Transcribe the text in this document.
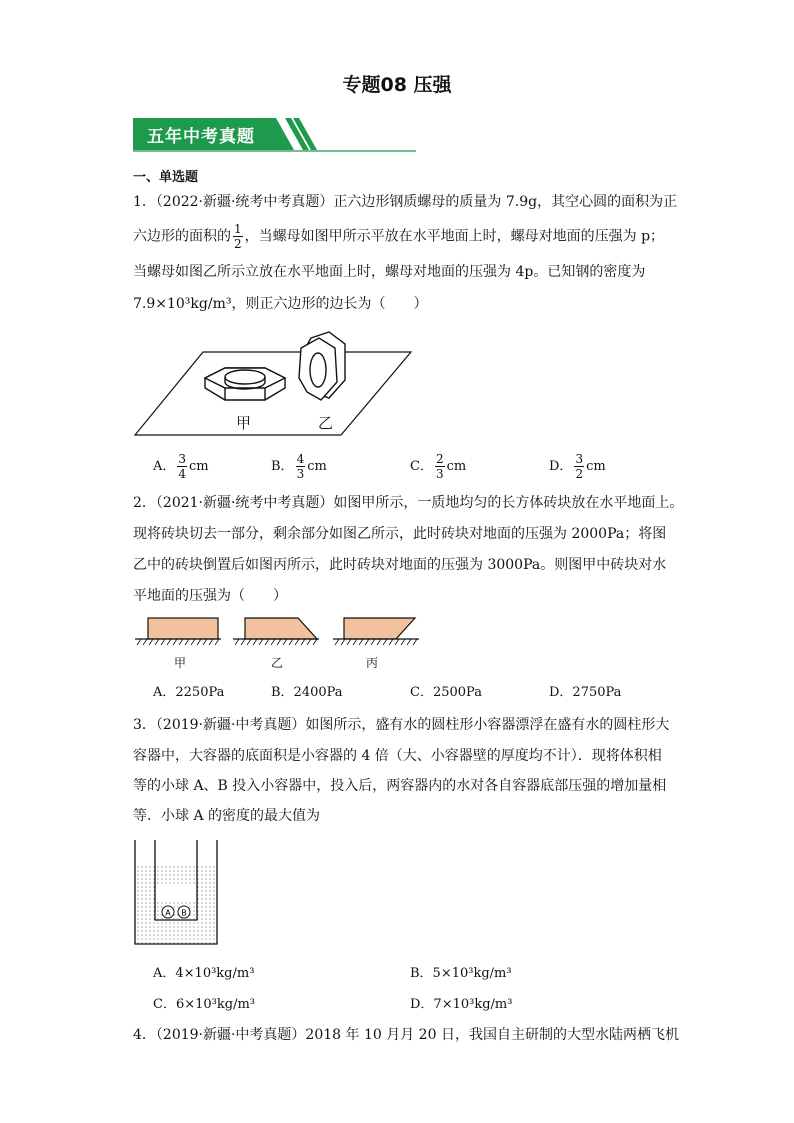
专题08 压强
五年中考真题
一、单选题
1．（2022·新疆·统考中考真题）正六边形钢质螺母的质量为 7.9g，其空心圆的面积为正
六边形的面积的 $\frac{1}{2}$ ，当螺母如图甲所示平放在水平地面上时，螺母对地面的压强为 p；
当螺母如图乙所示立放在水平地面上时，螺母对地面的压强为 4p。已知钢的密度为
7.9×10³kg/m³，则正六边形的边长为（　　）
甲	乙
A． $\frac{3}{4}$ cm	B． $\frac{4}{3}$ cm	C． $\frac{2}{3}$ cm	D． $\frac{3}{2}$ cm
2．（2021·新疆·统考中考真题）如图甲所示，一质地均匀的长方体砖块放在水平地面上。
现将砖块切去一部分，剩余部分如图乙所示，此时砖块对地面的压强为 2000Pa；将图
乙中的砖块倒置后如图丙所示，此时砖块对地面的压强为 3000Pa。则图甲中砖块对水
平地面的压强为（　　）
甲	乙	丙
A．2250Pa	B．2400Pa	C．2500Pa	D．2750Pa
3．（2019·新疆·中考真题）如图所示，盛有水的圆柱形小容器漂浮在盛有水的圆柱形大
容器中，大容器的底面积是小容器的 4 倍（大、小容器壁的厚度均不计）．现将体积相
等的小球 A、B 投入小容器中，投入后，两容器内的水对各自容器底部压强的增加量相
等．小球 A 的密度的最大值为
A B
A．4×10³kg/m³	B．5×10³kg/m³
C．6×10³kg/m³	D．7×10³kg/m³
4．（2019·新疆·中考真题）2018 年 10 月月 20 日，我国自主研制的大型水陆两栖飞机
